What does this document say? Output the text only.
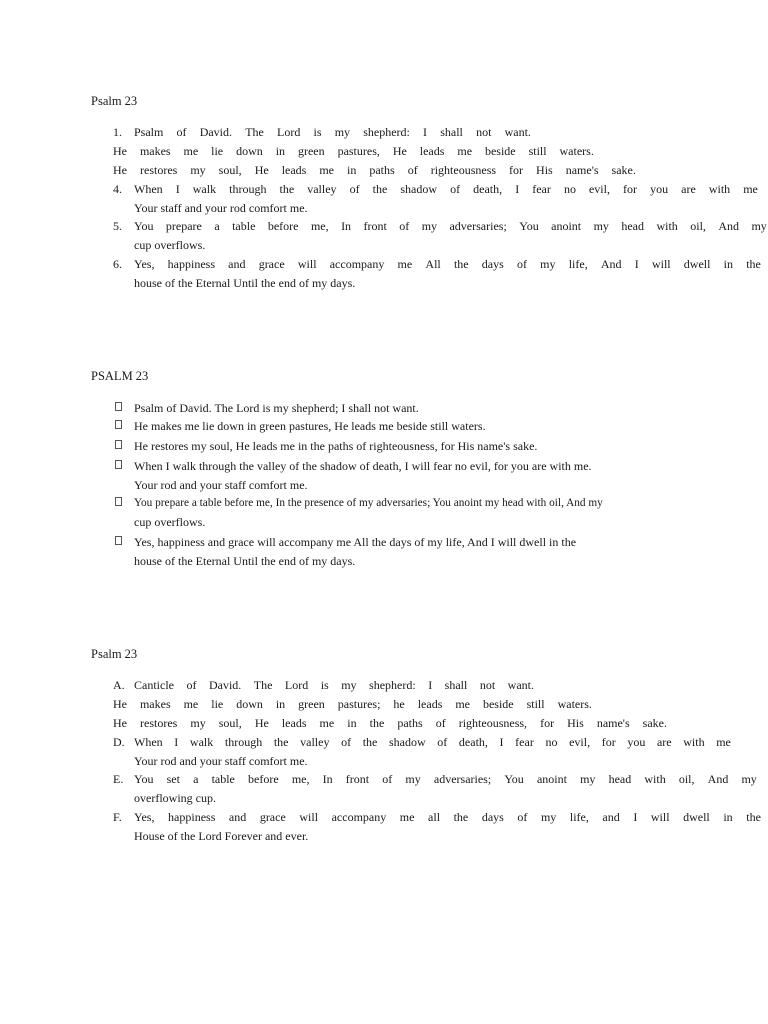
Psalm 23
1. Psalm of David. The Lord is my shepherd: I shall not want.
He makes me lie down in green pastures, He leads me beside still waters.
He restores my soul, He leads me in paths of righteousness for His name's sake.
4. When I walk through the valley of the shadow of death, I fear no evil, for you are with me
Your staff and your rod comfort me.
5. You prepare a table before me, In front of my adversaries; You anoint my head with oil, And my
cup overflows.
6. Yes, happiness and grace will accompany me All the days of my life, And I will dwell in the
house of the Eternal Until the end of my days.
PSALM 23
Psalm of David. The Lord is my shepherd; I shall not want.
He makes me lie down in green pastures, He leads me beside still waters.
He restores my soul, He leads me in the paths of righteousness, for His name's sake.
When I walk through the valley of the shadow of death, I will fear no evil, for you are with me.
Your rod and your staff comfort me.
You prepare a table before me, In the presence of my adversaries; You anoint my head with oil, And my
cup overflows.
Yes, happiness and grace will accompany me All the days of my life, And I will dwell in the
house of the Eternal Until the end of my days.
Psalm 23
A. Canticle of David. The Lord is my shepherd: I shall not want.
He makes me lie down in green pastures; he leads me beside still waters.
He restores my soul, He leads me in the paths of righteousness, for His name's sake.
D. When I walk through the valley of the shadow of death, I fear no evil, for you are with me
Your rod and your staff comfort me.
E. You set a table before me, In front of my adversaries; You anoint my head with oil, And my
overflowing cup.
F. Yes, happiness and grace will accompany me all the days of my life, and I will dwell in the
House of the Lord Forever and ever.
